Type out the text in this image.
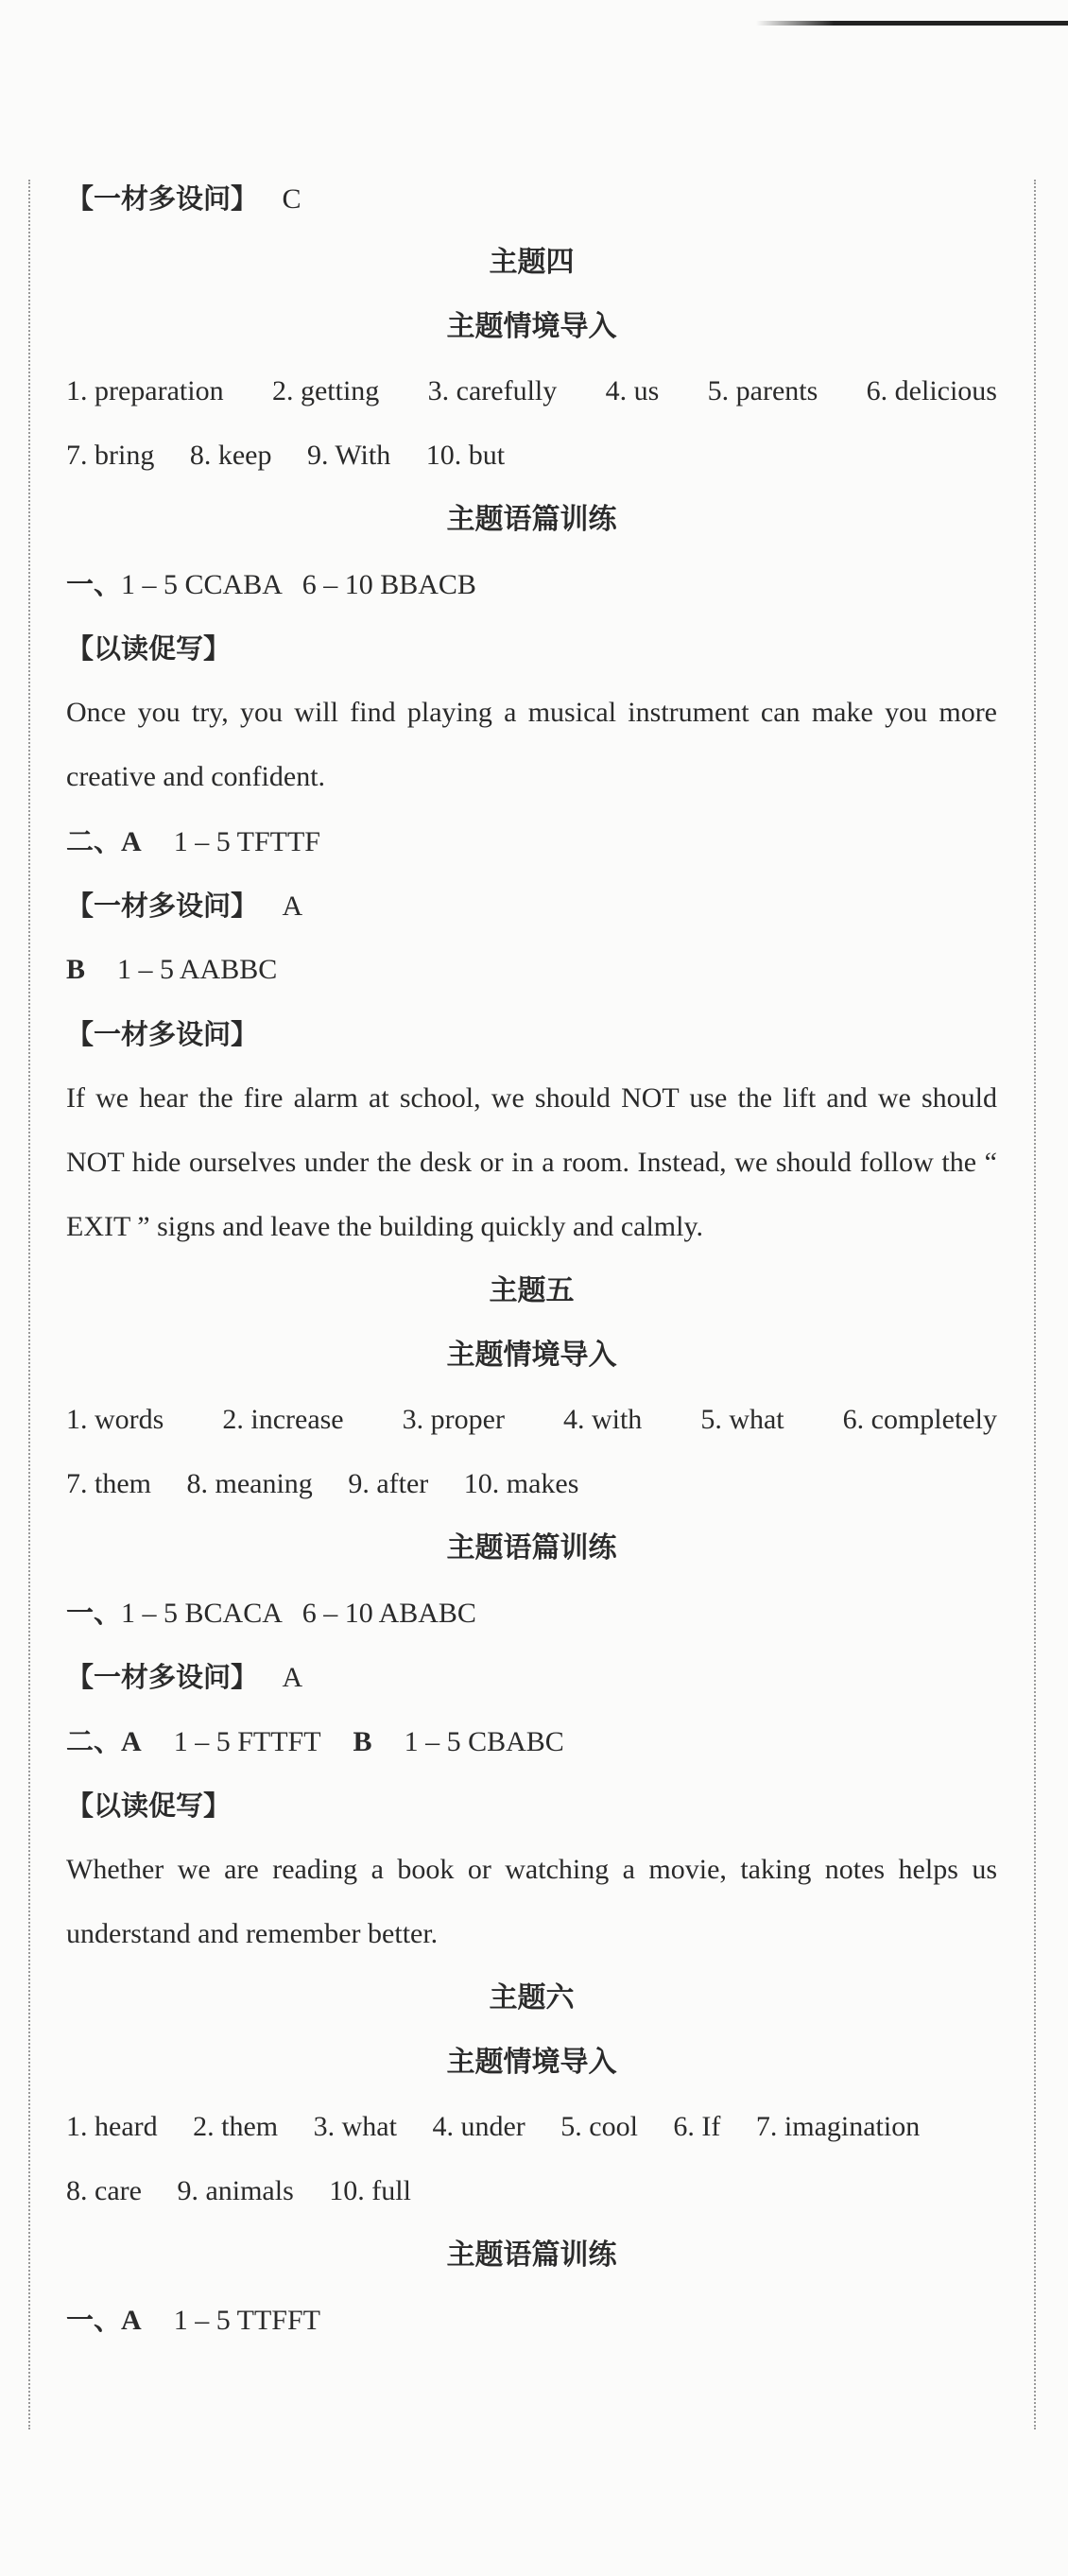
【一材多设问】 C
主题四
主题情境导入
1. preparation 2. getting 3. carefully 4. us 5. parents 6. delicious
7. bring 8. keep 9. With 10. but
主题语篇训练
一、1 – 5 CCABA   6 – 10 BBACB
【以读促写】
Once you try, you will find playing a musical instrument can make you more creative and confident.
二、A 1 – 5 TFTTF
【一材多设问】 A
B 1 – 5 AABBC
【一材多设问】
If we hear the fire alarm at school, we should NOT use the lift and we should NOT hide ourselves under the desk or in a room. Instead, we should follow the “ EXIT ” signs and leave the building quickly and calmly.
主题五
主题情境导入
1. words 2. increase 3. proper 4. with 5. what 6. completely
7. them 8. meaning 9. after 10. makes
主题语篇训练
一、1 – 5 BCACA   6 – 10 ABABC
【一材多设问】 A
二、A 1 – 5 FTTFT B 1 – 5 CBABC
【以读促写】
Whether we are reading a book or watching a movie, taking notes helps us understand and remember better.
主题六
主题情境导入
1. heard 2. them 3. what 4. under 5. cool 6. If 7. imagination
8. care 9. animals 10. full
主题语篇训练
一、A 1 – 5 TTFFT
